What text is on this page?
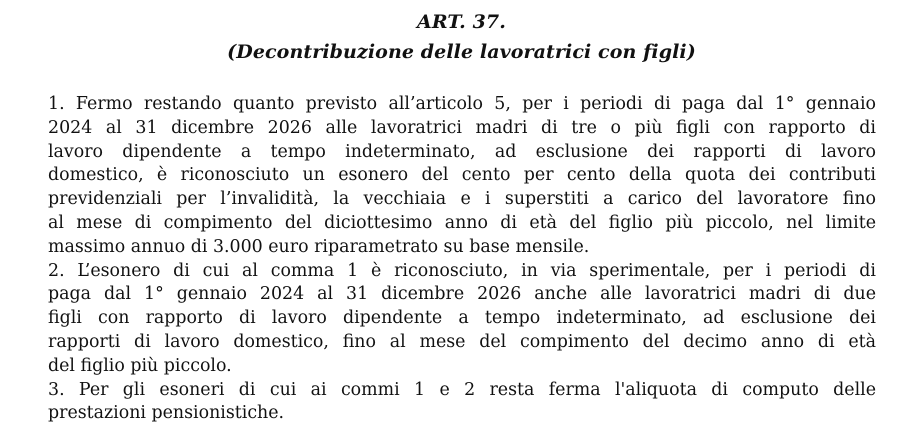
ART. 37.
(Decontribuzione delle lavoratrici con figli)
1. Fermo restando quanto previsto all’articolo 5, per i periodi di paga dal 1° gennaio
2024 al 31 dicembre 2026 alle lavoratrici madri di tre o più figli con rapporto di
lavoro dipendente a tempo indeterminato, ad esclusione dei rapporti di lavoro
domestico, è riconosciuto un esonero del cento per cento della quota dei contributi
previdenziali per l’invalidità, la vecchiaia e i superstiti a carico del lavoratore fino
al mese di compimento del diciottesimo anno di età del figlio più piccolo, nel limite
massimo annuo di 3.000 euro riparametrato su base mensile.
2. L’esonero di cui al comma 1 è riconosciuto, in via sperimentale, per i periodi di
paga dal 1° gennaio 2024 al 31 dicembre 2026 anche alle lavoratrici madri di due
figli con rapporto di lavoro dipendente a tempo indeterminato, ad esclusione dei
rapporti di lavoro domestico, fino al mese del compimento del decimo anno di età
del figlio più piccolo.
3. Per gli esoneri di cui ai commi 1 e 2 resta ferma l'aliquota di computo delle
prestazioni pensionistiche.
